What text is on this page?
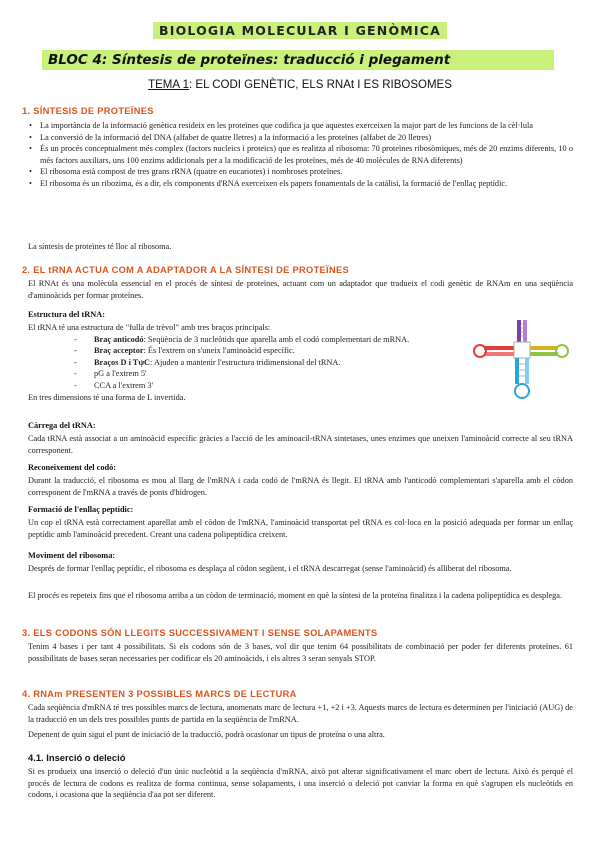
BIOLOGIA MOLECULAR I GENÒMICA
BLOC 4: Síntesis de proteïnes: traducció i plegament
TEMA 1: EL CODI GENÈTIC, ELS RNAt I ES RIBOSOMES
1. SÍNTESIS DE PROTEÏNES
• La importància de la informació genètica resideix en les proteïnes que codifica ja que aquestes exerceixen la major part de les funcions de la cèl·lula
• La conversió de la informació del DNA (alfabet de quatre lletres) a la informació a les proteïnes (alfabet de 20 lletres)
• És un procés conceptualment més complex (factors nucleics i proteics) que es realitza al ribosoma: 70 proteïnes ribosòmiques, més de 20 enzims diferents, 10 o més factors auxiliars, uns 100 enzims addicionals per a la modificació de les proteïnes, més de 40 molècules de RNA diferents)
• El ribosoma està compost de tres grans rRNA (quatre en eucariotes) i nombroses proteïnes.
• El ribosoma és un ribozima, és a dir, els components d'RNA exerceixen els papers fonamentals de la catàlisi, la formació de l'enllaç peptídic.
La síntesis de proteïnes té lloc al ribosoma.
2. EL tRNA ACTUA COM A ADAPTADOR A LA SÍNTESI DE PROTEÏNES
El RNAt és una molècula essencial en el procés de síntesi de proteïnes, actuant com un adaptador que tradueix el codi genètic de RNAm en una seqüència d'aminoàcids per formar proteïnes.
Estructura del tRNA:
El tRNA té una estructura de "fulla de trèvol" amb tres braços principals:
- Braç anticodó: Seqüència de 3 nucleòtids que aparella amb el codó complementari de mRNA.
- Braç acceptor: És l'extrem on s'uneix l'aminoàcid específic.
- Braços D i TψC: Ajuden a mantenir l'estructura tridimensional del tRNA.
- pG a l'extrem 5'
- CCA a l'extrem 3'
En tres dimensions té una forma de L invertida.
Càrrega del tRNA:
Cada tRNA està associat a un aminoàcid específic gràcies a l'acció de les aminoacil-tRNA sintetases, unes enzimes que uneixen l'aminoàcid correcte al seu tRNA corresponent.
Reconeixement del codó:
Durant la traducció, el ribosoma es mou al llarg de l'mRNA i cada codó de l'mRNA és llegit. El tRNA amb l'anticodó complementari s'aparella amb el còdon corresponent de l'mRNA a través de ponts d'hidrogen.
Formació de l'enllaç peptídic:
Un cop el tRNA està correctament aparellat amb el còdon de l'mRNA, l'aminoàcid transportat pel tRNA es col·loca en la posició adequada per formar un enllaç peptídic amb l'aminoàcid precedent. Creant una cadena polipeptídica creixent.
Moviment del ribosoma:
Després de formar l'enllaç peptídic, el ribosoma es desplaça al còdon següent, i el tRNA descarregat (sense l'aminoàcid) és alliberat del ribosoma.
El procés es repeteix fins que el ribosoma arriba a un còdon de terminació, moment en què la síntesi de la proteïna finalitza i la cadena polipeptídica es desplega.
3. ELS CODONS SÓN LLEGITS SUCCESSIVAMENT I SENSE SOLAPAMENTS
Tenim 4 bases i per tant 4 possibilitats. Si els codons són de 3 bases, vol dir que tenim 64 possibilitats de combinació per poder fer diferents proteïnes. 61 possibilitats de bases seran necessaries per codificar els 20 aminoàcids, i els altres 3 seran senyals STOP.
4. RNAm PRESENTEN 3 POSSIBLES MARCS DE LECTURA
Cada seqüència d'mRNA té tres possibles marcs de lectura, anomenats marc de lectura +1, +2 i +3. Aquests marcs de lectura es determinen per l'iniciació (AUG) de la traducció en un dels tres possibles punts de partida en la seqüència de l'mRNA.
Depenent de quin sigui el punt de iniciació de la traducció, podrà ocasionar un tipus de proteïna o una altra.
4.1. Inserció o deleció
Si es produeix una inserció o deleció d'un únic nucleòtid a la seqüència d'mRNA, això pot alterar significativament el marc obert de lectura. Això és perquè el procés de lectura de codons es realitza de forma continua, sense solapaments, i una inserció o deleció pot canviar la forma en què s'agrupen els nucleòtids en codons, i ocasiona que la seqüència d'aa pot ser diferent.
